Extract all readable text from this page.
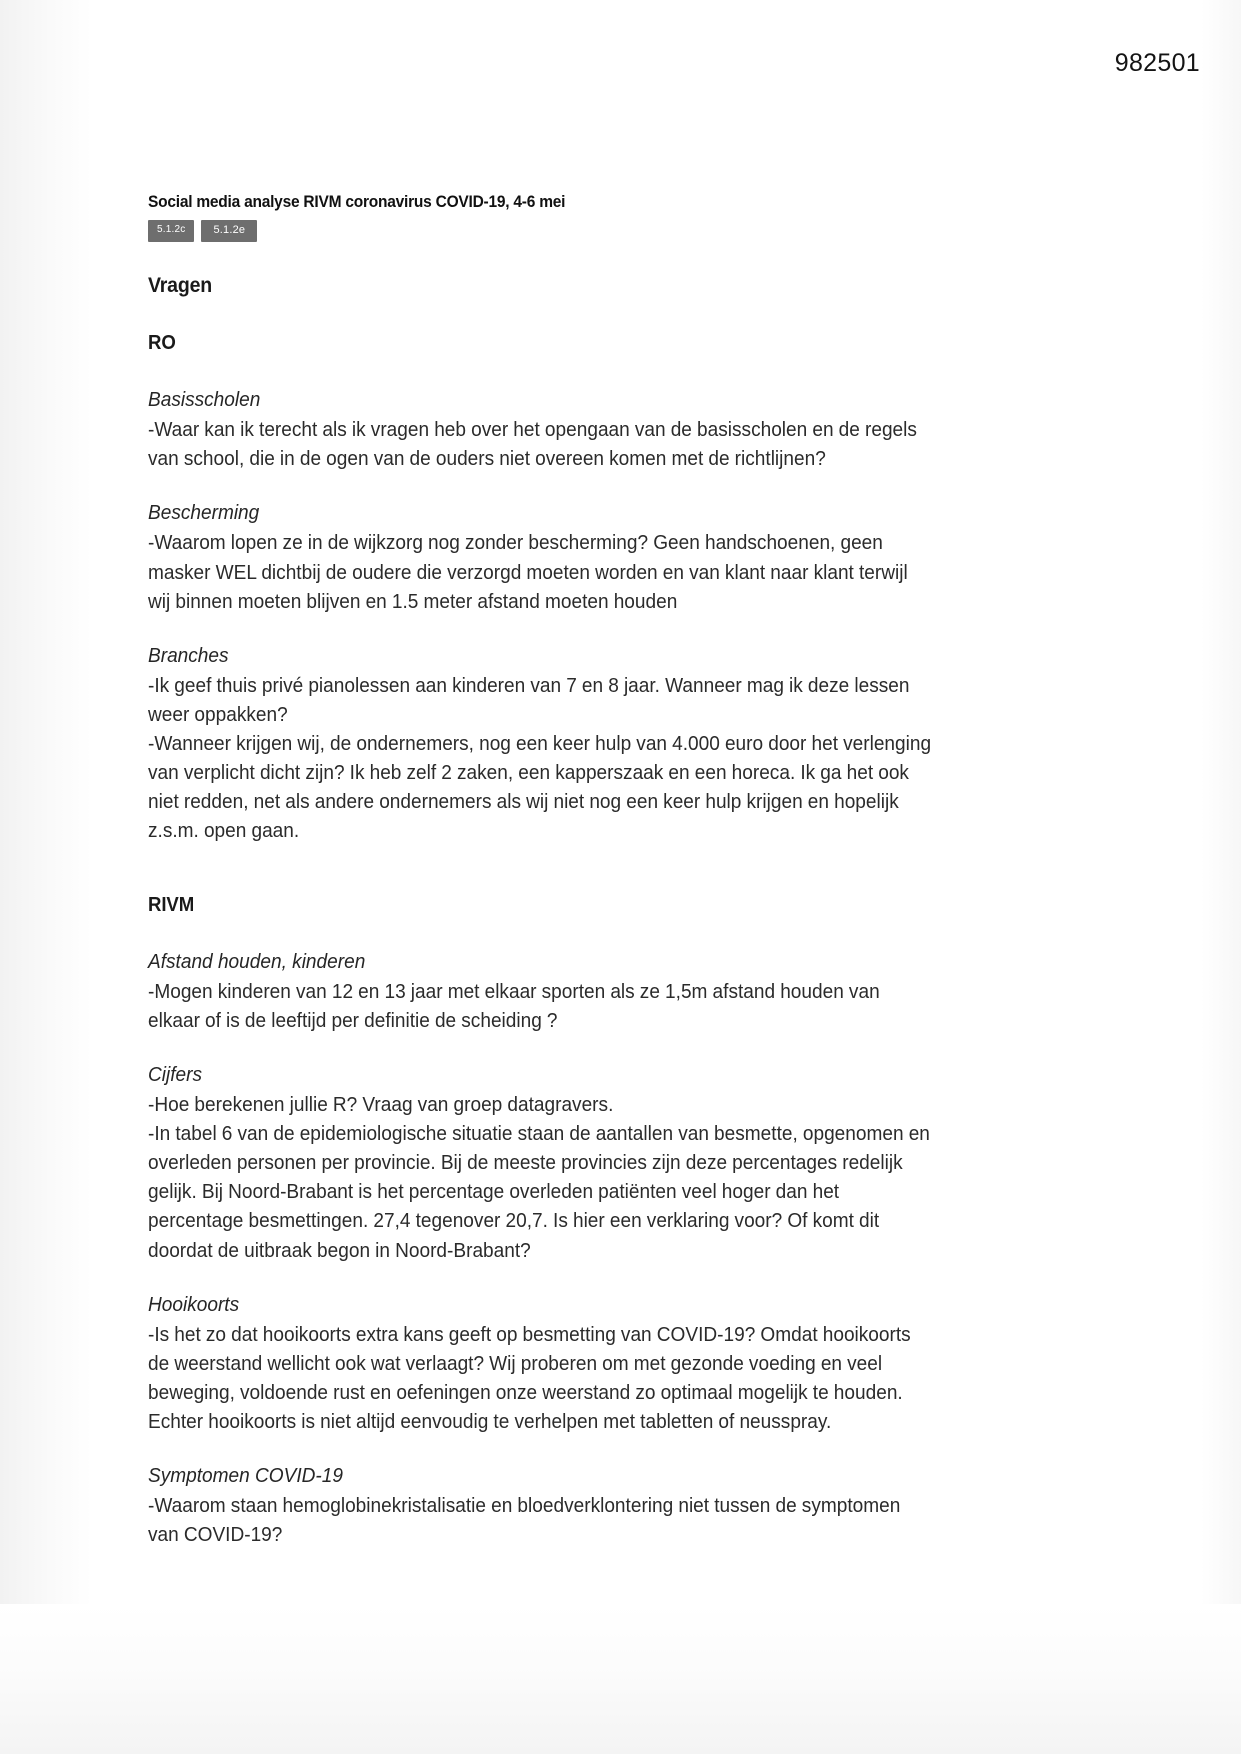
982501
Social media analyse RIVM coronavirus COVID-19, 4-6 mei
5.1.2c	5.1.2e
Vragen
RO
Basisscholen

-Waar kan ik terecht als ik vragen heb over het opengaan van de basisscholen en de regels van school, die in de ogen van de ouders niet overeen komen met de richtlijnen?

Bescherming

-Waarom lopen ze in de wijkzorg nog zonder bescherming? Geen handschoenen, geen masker WEL dichtbij de oudere die verzorgd moeten worden en van klant naar klant terwijl wij binnen moeten blijven en 1.5 meter afstand moeten houden

Branches

-Ik geef thuis privé pianolessen aan kinderen van 7 en 8 jaar. Wanneer mag ik deze lessen weer oppakken?

-Wanneer krijgen wij, de ondernemers, nog een keer hulp van 4.000 euro door het verlenging van verplicht dicht zijn? Ik heb zelf 2 zaken, een kapperszaak en een horeca. Ik ga het ook niet redden, net als andere ondernemers als wij niet nog een keer hulp krijgen en hopelijk z.s.m. open gaan.

RIVM
Afstand houden, kinderen

-Mogen kinderen van 12 en 13 jaar met elkaar sporten als ze 1,5m afstand houden van elkaar of is de leeftijd per definitie de scheiding ?

Cijfers

-Hoe berekenen jullie R? Vraag van groep datagravers.

-In tabel 6 van de epidemiologische situatie staan de aantallen van besmette, opgenomen en overleden personen per provincie. Bij de meeste provincies zijn deze percentages redelijk gelijk. Bij Noord-Brabant is het percentage overleden patiënten veel hoger dan het percentage besmettingen. 27,4 tegenover 20,7. Is hier een verklaring voor? Of komt dit doordat de uitbraak begon in Noord-Brabant?

Hooikoorts

-Is het zo dat hooikoorts extra kans geeft op besmetting van COVID-19? Omdat hooikoorts de weerstand wellicht ook wat verlaagt? Wij proberen om met gezonde voeding en veel beweging, voldoende rust en oefeningen onze weerstand zo optimaal mogelijk te houden. Echter hooikoorts is niet altijd eenvoudig te verhelpen met tabletten of neusspray.

Symptomen COVID-19

-Waarom staan hemoglobinekristalisatie en bloedverklontering niet tussen de symptomen van COVID-19?
